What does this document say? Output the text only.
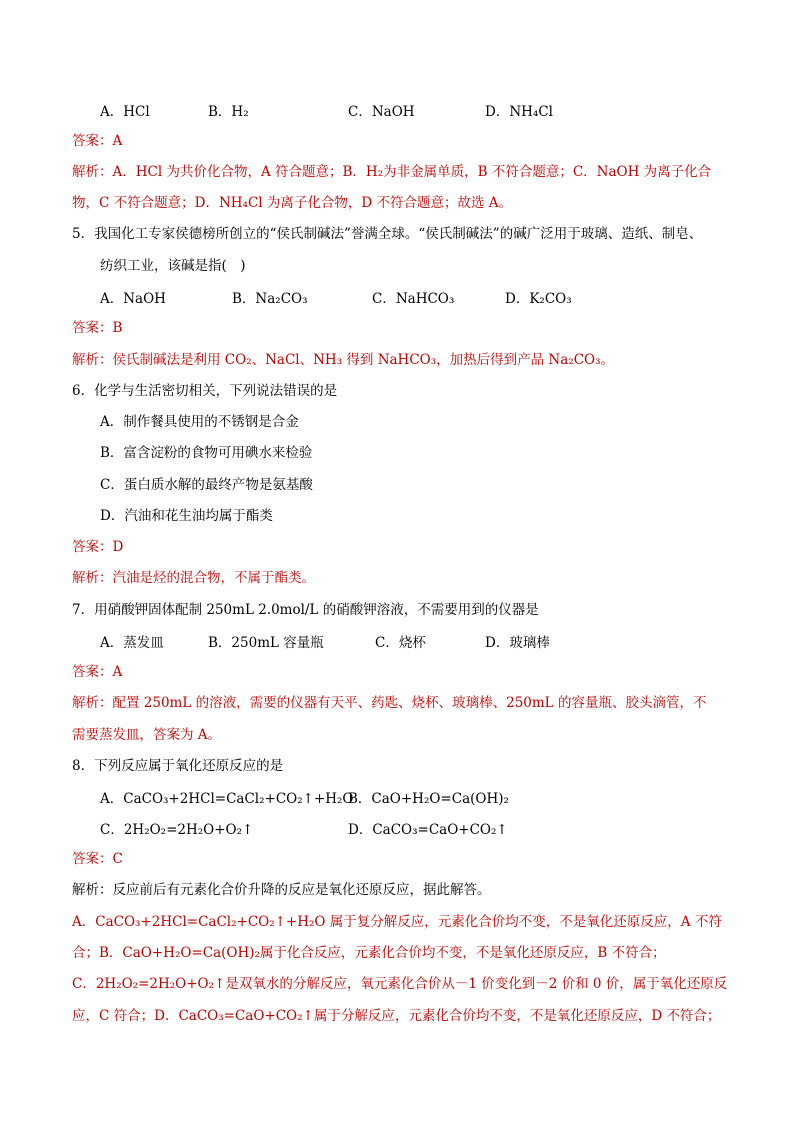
A．HCl	B．H₂	C．NaOH	D．NH₄Cl
答案：A
解析：A．HCl 为共价化合物，A 符合题意；B．H₂为非金属单质，B 不符合题意；C．NaOH 为离子化合
物，C 不符合题意；D．NH₄Cl 为离子化合物，D 不符合题意；故选 A。
5．我国化工专家侯德榜所创立的“侯氏制碱法”誉满全球。“侯氏制碱法”的碱广泛用于玻璃、造纸、制皂、
纺织工业，该碱是指(　)
A．NaOH	B．Na₂CO₃	C．NaHCO₃	D．K₂CO₃
答案：B
解析：侯氏制碱法是利用 CO₂、NaCl、NH₃ 得到 NaHCO₃，加热后得到产品 Na₂CO₃。
6．化学与生活密切相关，下列说法错误的是
A．制作餐具使用的不锈钢是合金
B．富含淀粉的食物可用碘水来检验
C．蛋白质水解的最终产物是氨基酸
D．汽油和花生油均属于酯类
答案：D
解析：汽油是烃的混合物，不属于酯类。
7．用硝酸钾固体配制 250mL 2.0mol/L 的硝酸钾溶液，不需要用到的仪器是
A．蒸发皿	B．250mL 容量瓶	C．烧杯	D．玻璃棒
答案：A
解析：配置 250mL 的溶液，需要的仪器有天平、药匙、烧杯、玻璃棒、250mL 的容量瓶、胶头滴管，不
需要蒸发皿，答案为 A。
8．下列反应属于氧化还原反应的是
A．CaCO₃+2HCl=CaCl₂+CO₂↑+H₂O
B．CaO+H₂O=Ca(OH)₂
C．2H₂O₂=2H₂O+O₂↑	D．CaCO₃=CaO+CO₂↑
答案：C
解析：反应前后有元素化合价升降的反应是氧化还原反应，据此解答。
A．CaCO₃+2HCl=CaCl₂+CO₂↑+H₂O 属于复分解反应，元素化合价均不变，不是氧化还原反应，A 不符
合；B．CaO+H₂O=Ca(OH)₂属于化合反应，元素化合价均不变，不是氧化还原反应，B 不符合；
C．2H₂O₂=2H₂O+O₂↑是双氧水的分解反应，氧元素化合价从－1 价变化到－2 价和 0 价，属于氧化还原反
应，C 符合；D．CaCO₃=CaO+CO₂↑属于分解反应，元素化合价均不变，不是氧化还原反应，D 不符合；
